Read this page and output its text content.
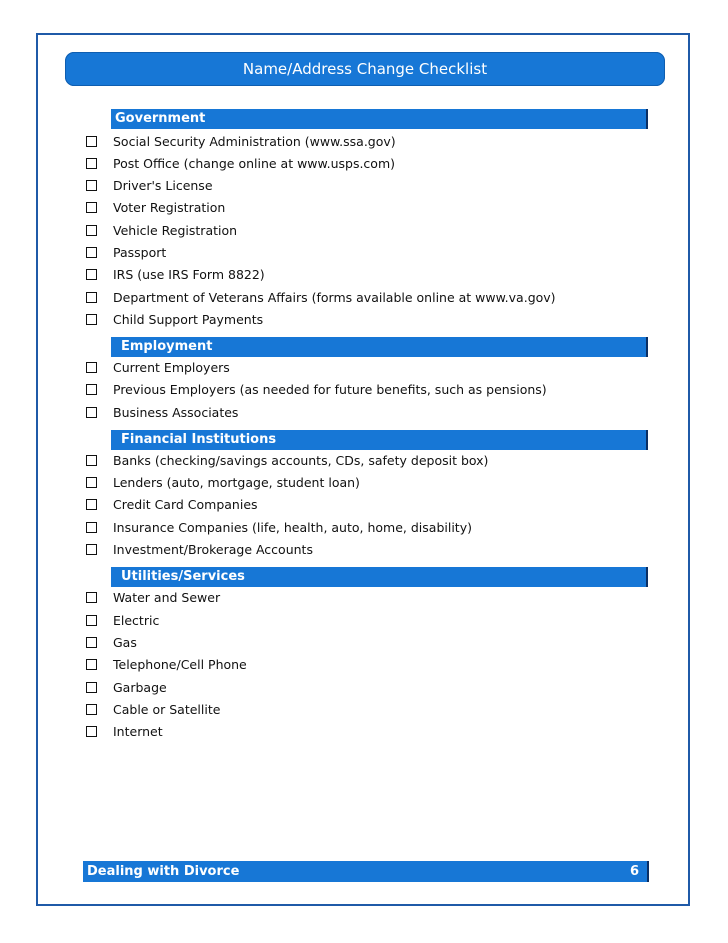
Name/Address Change Checklist
Government
Social Security Administration (www.ssa.gov)
Post Office (change online at www.usps.com)
Driver's License
Voter Registration
Vehicle Registration
Passport
IRS (use IRS Form 8822)
Department of Veterans Affairs (forms available online at www.va.gov)
Child Support Payments
Employment
Current Employers
Previous Employers (as needed for future benefits, such as pensions)
Business Associates
Financial Institutions
Banks (checking/savings accounts, CDs, safety deposit box)
Lenders (auto, mortgage, student loan)
Credit Card Companies
Insurance Companies (life, health, auto, home, disability)
Investment/Brokerage Accounts
Utilities/Services
Water and Sewer
Electric
Gas
Telephone/Cell Phone
Garbage
Cable or Satellite
Internet
Dealing with Divorce	6
